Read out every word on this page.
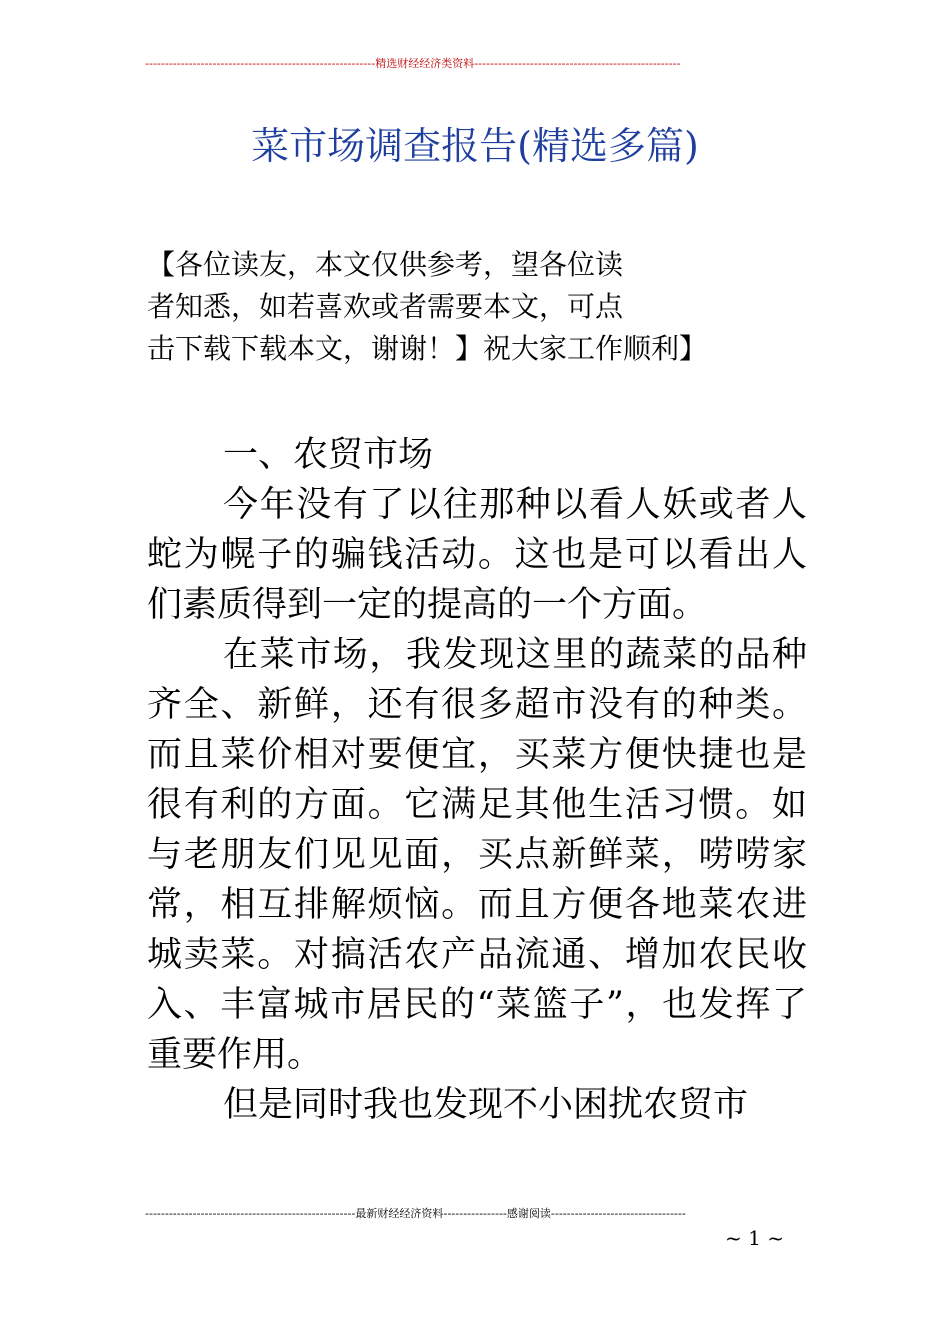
----------------------------------------------------------精选财经经济类资料----------------------------------------------------
菜市场调查报告(精选多篇)
【各位读友，本文仅供参考，望各位读
者知悉，如若喜欢或者需要本文，可点
击下载下载本文，谢谢！】祝大家工作顺利】

一、农贸市场

今年没有了以往那种以看人妖或者人蛇为幌子的骗钱活动。这也是可以看出人们素质得到一定的提高的一个方面。

在菜市场，我发现这里的蔬菜的品种齐全、新鲜，还有很多超市没有的种类。而且菜价相对要便宜，买菜方便快捷也是很有利的方面。它满足其他生活习惯。如与老朋友们见见面，买点新鲜菜，唠唠家常，相互排解烦恼。而且方便各地菜农进城卖菜。对搞活农产品流通、增加农民收入、丰富城市居民的“菜篮子”，也发挥了重要作用。

但是同时我也发现不小困扰农贸市

-----------------------------------------------------最新财经经济资料----------------感谢阅读----------------------------------
~ 1 ~
